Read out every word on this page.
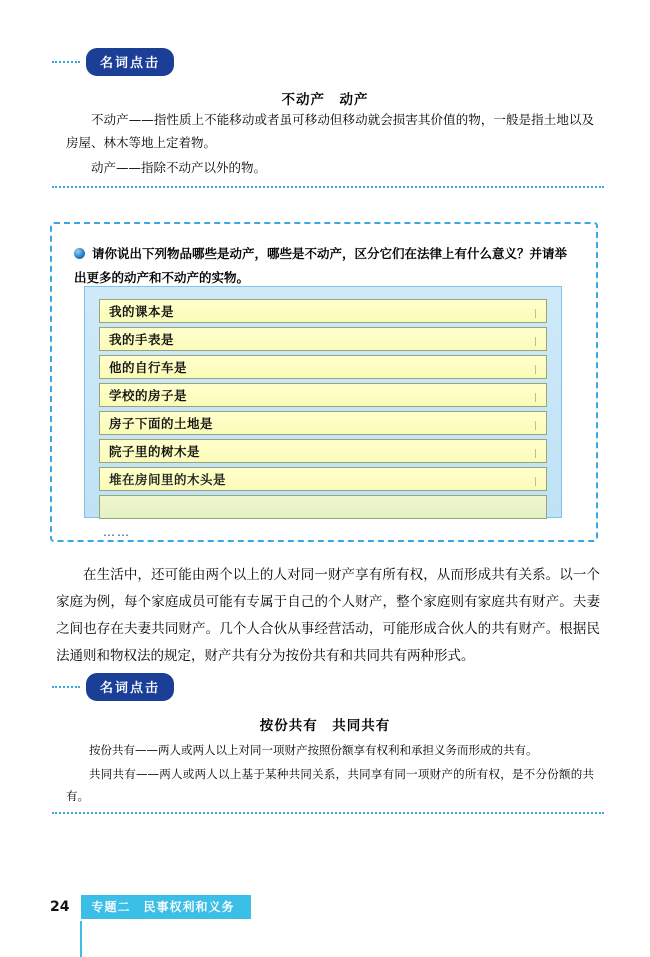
名词点击
不动产　动产

不动产——指性质上不能移动或者虽可移动但移动就会损害其价值的物，一般是指土地以及房屋、林木等地上定着物。

动产——指除不动产以外的物。

请你说出下列物品哪些是动产，哪些是不动产，区分它们在法律上有什么意义？并请举出更多的动产和不动产的实物。
我的课本是	｜
我的手表是	｜
他的自行车是	｜
学校的房子是	｜
房子下面的土地是	｜
院子里的树木是	｜
堆在房间里的木头是	｜
……
在生活中，还可能由两个以上的人对同一财产享有所有权，从而形成共有关系。以一个家庭为例，每个家庭成员可能有专属于自己的个人财产，整个家庭则有家庭共有财产。夫妻之间也存在夫妻共同财产。几个人合伙从事经营活动，可能形成合伙人的共有财产。根据民法通则和物权法的规定，财产共有分为按份共有和共同共有两种形式。
名词点击
按份共有　共同共有

按份共有——两人或两人以上对同一项财产按照份额享有权利和承担义务而形成的共有。

共同共有——两人或两人以上基于某种共同关系，共同享有同一项财产的所有权，是不分份额的共有。

24	专题二　民事权利和义务
